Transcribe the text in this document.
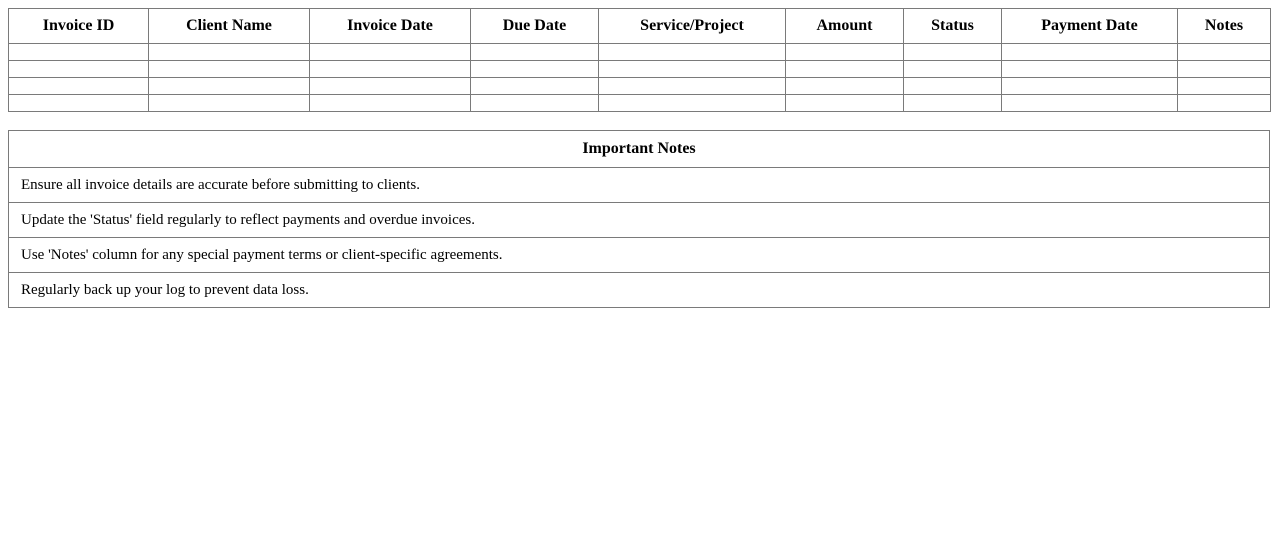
Invoice ID	Client Name	Invoice Date	Due Date	Service/Project	Amount	Status	Payment Date	Notes

Important Notes
Ensure all invoice details are accurate before submitting to clients.
Update the 'Status' field regularly to reflect payments and overdue invoices.
Use 'Notes' column for any special payment terms or client-specific agreements.
Regularly back up your log to prevent data loss.
